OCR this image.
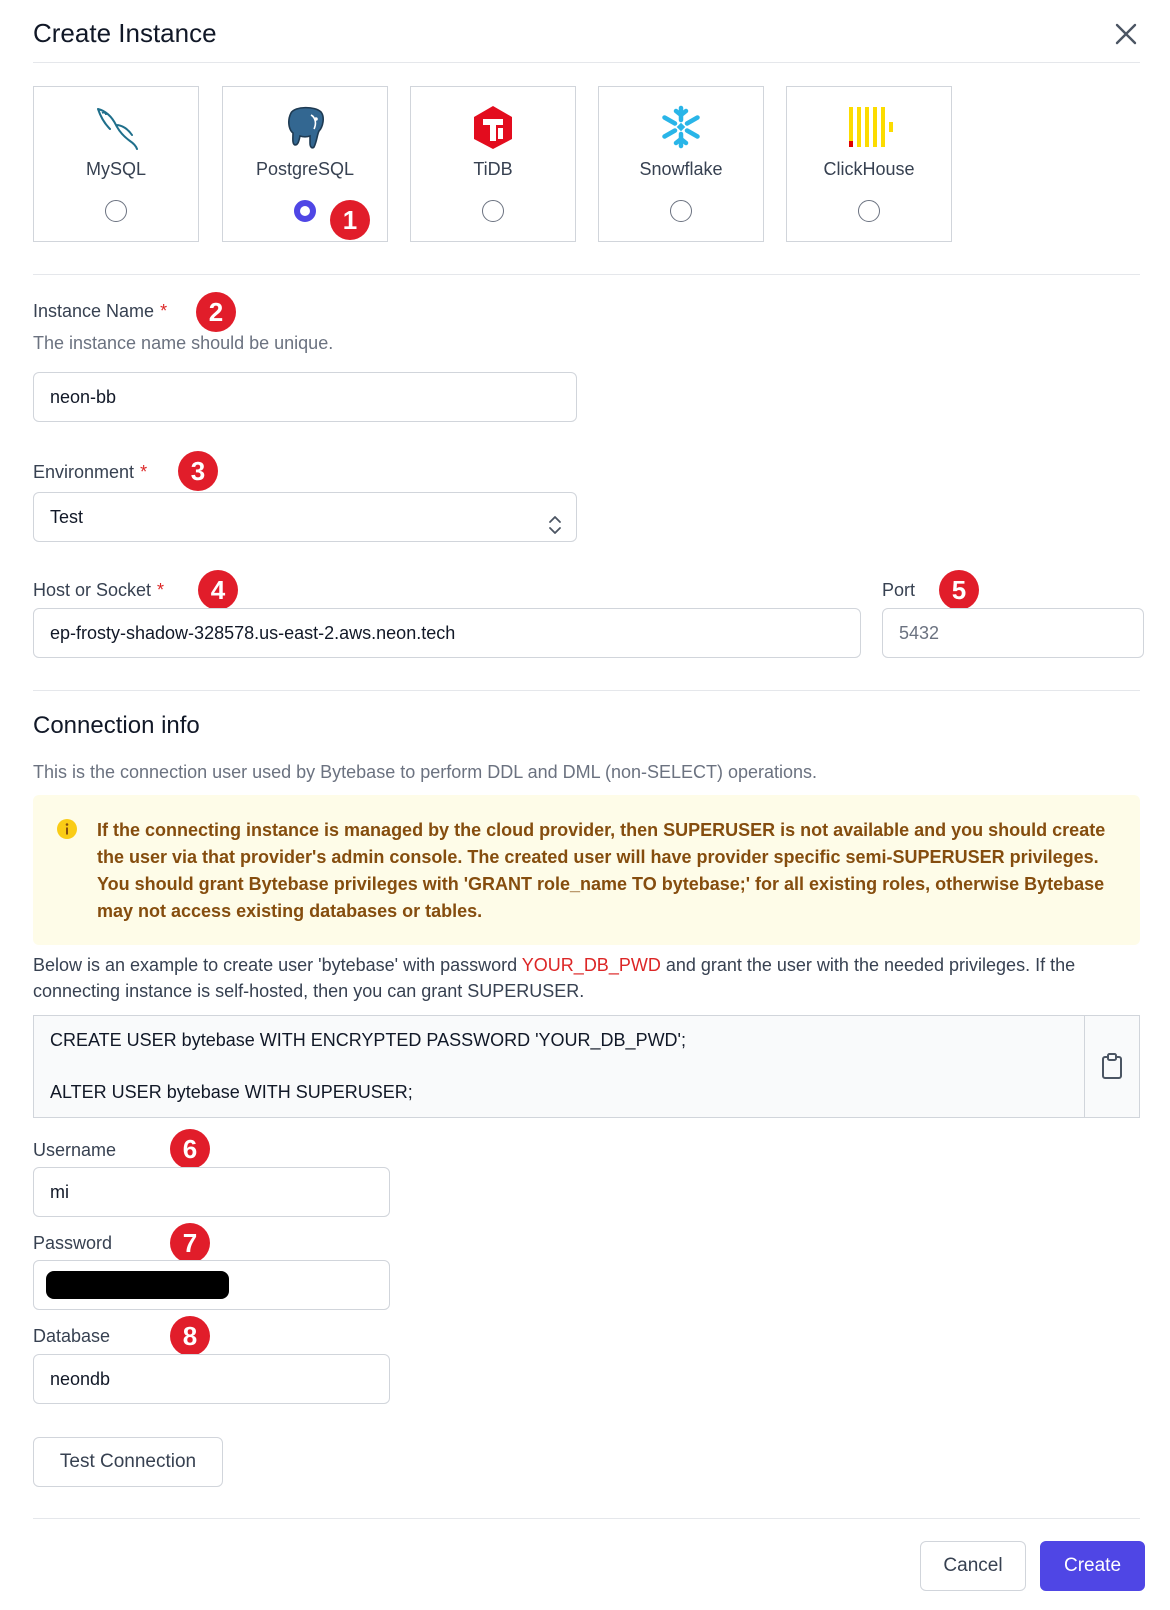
Create Instance
MySQL	PostgreSQL	TiDB	Snowflake	ClickHouse
1
Instance Name *	2
The instance name should be unique.
neon-bb
Environment *	3
Test
Host or Socket *	4
ep-frosty-shadow-328578.us-east-2.aws.neon.tech
Port	5
5432
Connection info
This is the connection user used by Bytebase to perform DDL and DML (non-SELECT) operations.
If the connecting instance is managed by the cloud provider, then SUPERUSER is not available and you should create the user via that provider's admin console. The created user will have provider specific semi-SUPERUSER privileges. You should grant Bytebase privileges with 'GRANT role_name TO bytebase;' for all existing roles, otherwise Bytebase may not access existing databases or tables.
Below is an example to create user 'bytebase' with password YOUR_DB_PWD and grant the user with the needed privileges. If the connecting instance is self-hosted, then you can grant SUPERUSER.
CREATE USER bytebase WITH ENCRYPTED PASSWORD 'YOUR_DB_PWD';
ALTER USER bytebase WITH SUPERUSER;
Username	6
mi
Password	7
Database	8
neondb
Test Connection
Cancel	Create
